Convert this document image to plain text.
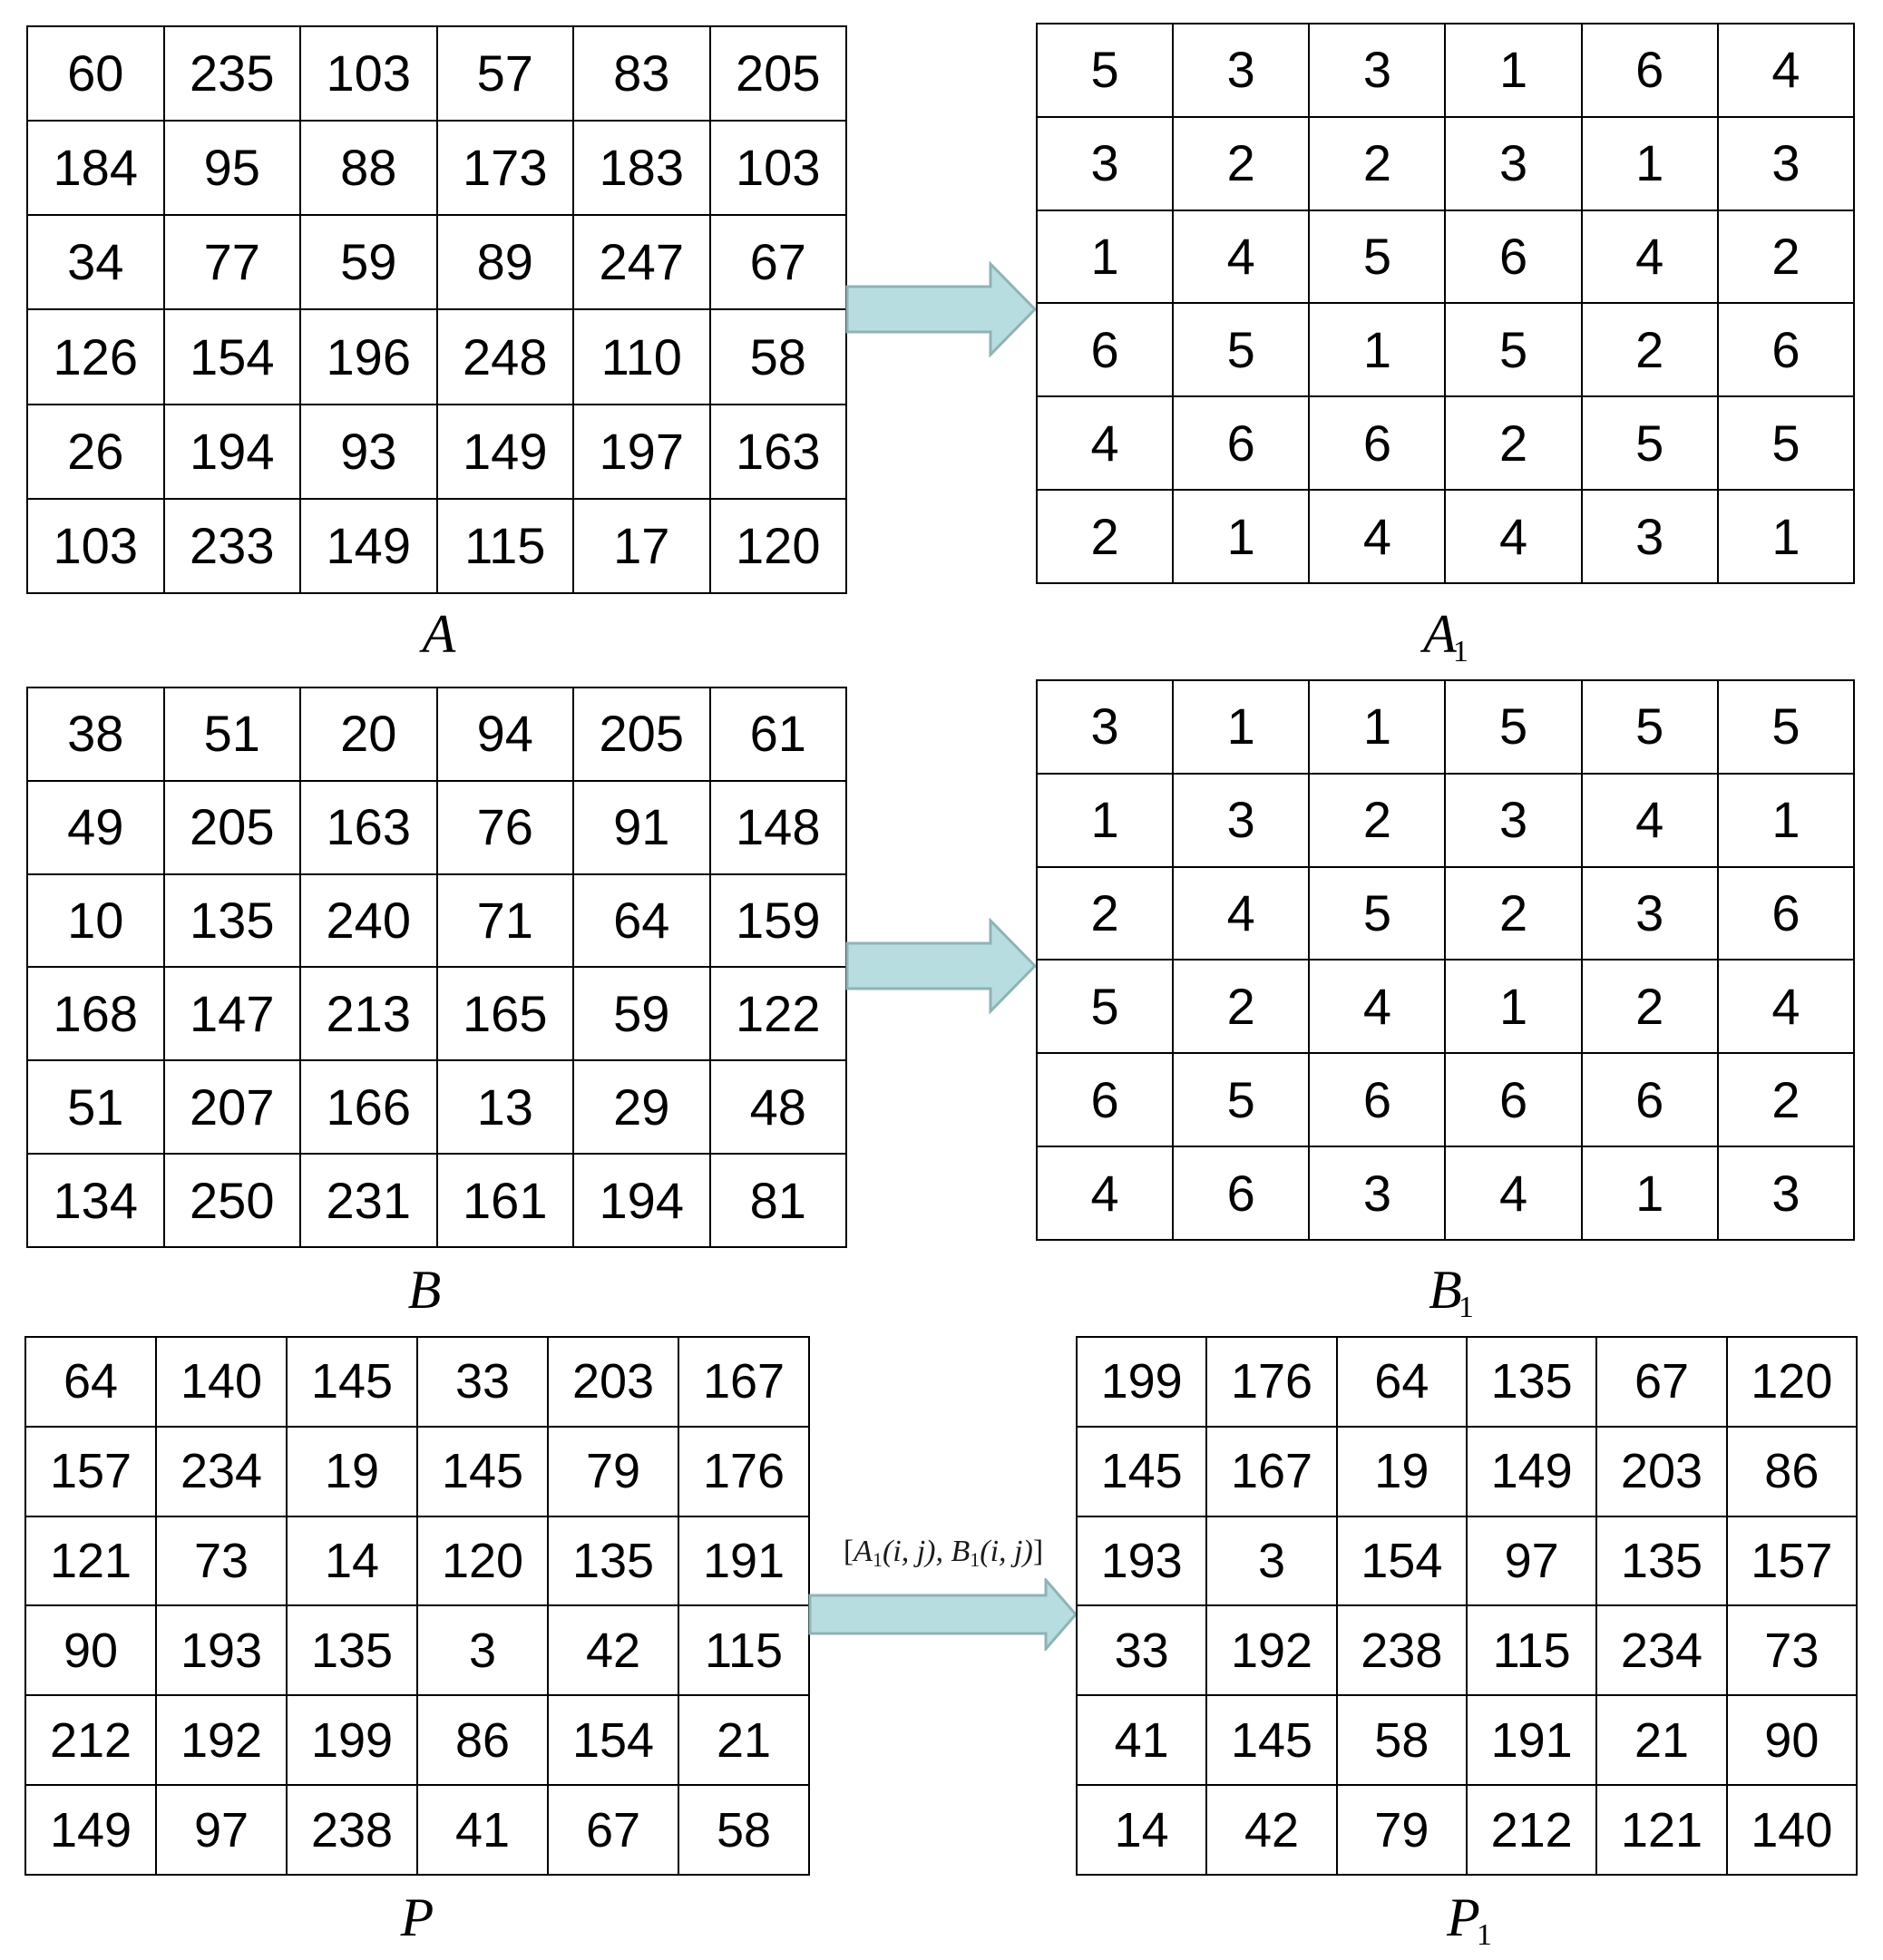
60	235	103	57	83	205
184	95	88	173	183	103
34	77	59	89	247	67
126	154	196	248	110	58
26	194	93	149	197	163
103	233	149	115	17	120
A
5	3	3	1	6	4
3	2	2	3	1	3
1	4	5	6	4	2
6	5	1	5	2	6
4	6	6	2	5	5
2	1	4	4	3	1
$A_1$
38	51	20	94	205	61
49	205	163	76	91	148
10	135	240	71	64	159
168	147	213	165	59	122
51	207	166	13	29	48
134	250	231	161	194	81
B
3	1	1	5	5	5
1	3	2	3	4	1
2	4	5	2	3	6
5	2	4	1	2	4
6	5	6	6	6	2
4	6	3	4	1	3
$B_1$
64	140	145	33	203	167
157	234	19	145	79	176
121	73	14	120	135	191
90	193	135	3	42	115
212	192	199	86	154	21
149	97	238	41	67	58
P
[$A_1(i$, j), $B_1(i$, j)]
199	176	64	135	67	120
145	167	19	149	203	86
193	3	154	97	135	157
33	192	238	115	234	73
41	145	58	191	21	90
14	42	79	212	121	140
$P_1$
